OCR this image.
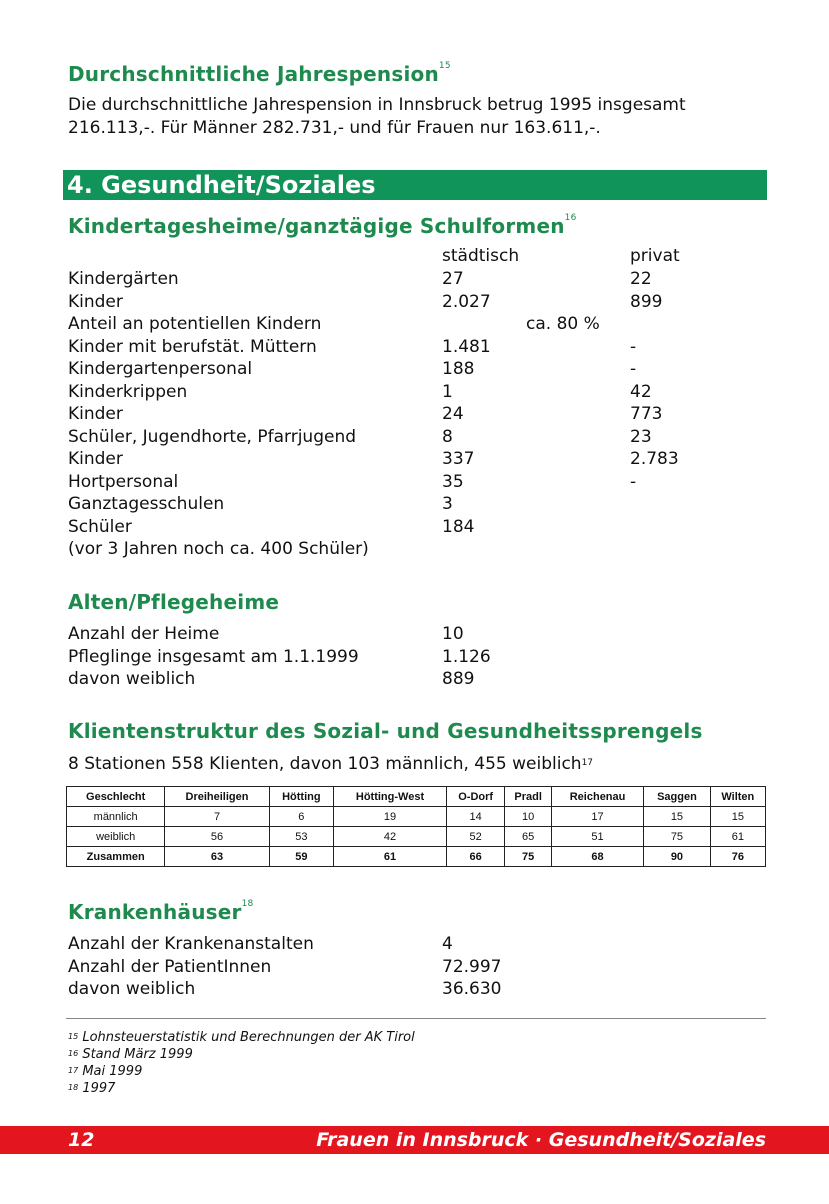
Durchschnittliche Jahrespension$^{15}$
Die durchschnittliche Jahrespension in Innsbruck betrug 1995 insgesamt
216.113,-. Für Männer 282.731,- und für Frauen nur 163.611,-.
4. Gesundheit/Soziales
Kindertagesheime/ganztägige Schulformen$^{16}$
städtisch	privat
Kindergärten	27	22
Kinder	2.027	899
Anteil an potentiellen Kindern	ca. 80 %
Kinder mit berufstät. Müttern	1.481	-
Kindergartenpersonal	188	-
Kinderkrippen	1	42
Kinder	24	773
Schüler, Jugendhorte, Pfarrjugend	8	23
Kinder	337	2.783
Hortpersonal	35	-
Ganztagesschulen	3
Schüler	184
(vor 3 Jahren noch ca. 400 Schüler)
Alten/Pflegeheime
Anzahl der Heime	10
Pfleglinge insgesamt am 1.1.1999	1.126
davon weiblich	889
Klientenstruktur des Sozial- und Gesundheitssprengels
8 Stationen 558 Klienten, davon 103 männlich, 455 weiblich$^{17}$
Geschlecht	Dreiheiligen	Hötting	Hötting-West	O-Dorf	Pradl	Reichenau	Saggen	Wilten
männlich	7	6	19	14	10	17	15	15
weiblich	56	53	42	52	65	51	75	61
Zusammen	63	59	61	66	75	68	90	76
Krankenhäuser$^{18}$
Anzahl der Krankenanstalten	4
Anzahl der PatientInnen	72.997
davon weiblich	36.630
$^{15}$ Lohnsteuerstatistik und Berechnungen der AK Tirol
$^{16}$ Stand März 1999
$^{17}$ Mai 1999
$^{18}$ 1997
12	Frauen in Innsbruck · Gesundheit/Soziales
